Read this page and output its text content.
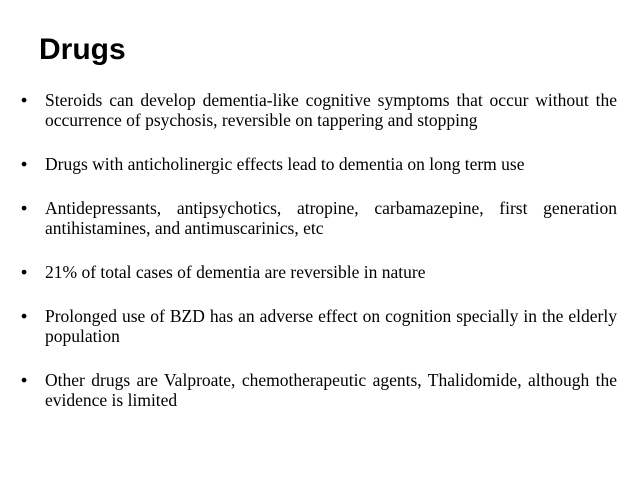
Drugs
•	Steroids can develop dementia-like cognitive symptoms that occur without the occurrence of psychosis, reversible on tappering and stopping
•	Drugs with anticholinergic effects lead to dementia on long term use
•	Antidepressants, antipsychotics, atropine, carbamazepine, first generation antihistamines, and antimuscarinics, etc
•	21% of total cases of dementia are reversible in nature
•	Prolonged use of BZD has an adverse effect on cognition specially in the elderly population
•	Other drugs are Valproate, chemotherapeutic agents, Thalidomide, although the evidence is limited
